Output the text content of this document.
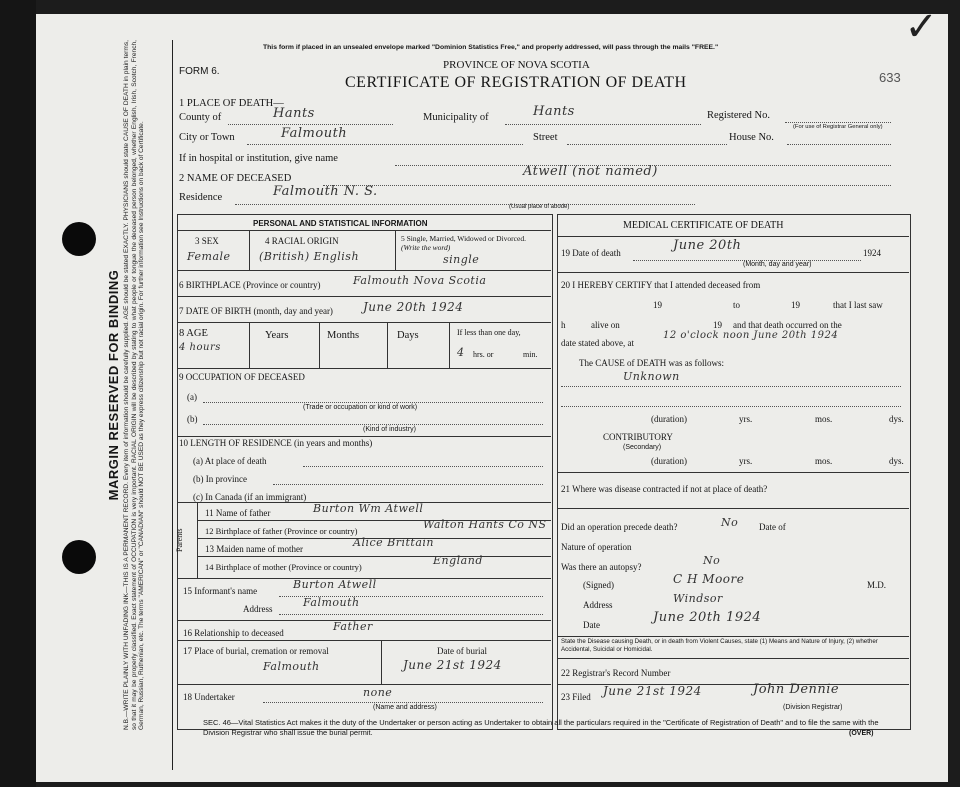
✓
MARGIN RESERVED FOR BINDING N.B.—WRITE PLAINLY WITH UNFADING INK—THIS IS A PERMANENT RECORD. Every item of information should be carefully supplied. AGE should be stated EXACTLY. PHYSICIANS should state CAUSE OF DEATH in plain terms, so that it may be properly classified. Exact statement of OCCUPATION is very important. RACIAL ORIGIN will be described by stating to what people or tongue the deceased person belonged, whether English, Irish, Scotch, French, German, Russian, Ruthenian, etc. The terms "AMERICAN" or "CANADIAN" should NOT BE USED as they express citizenship but not racial origin. For further information see Instructions on back of Certificate.
This form if placed in an unsealed envelope marked "Dominion Statistics Free," and properly addressed, will pass through the mails "FREE."
FORM 6.
PROVINCE OF NOVA SCOTIA
CERTIFICATE OF REGISTRATION OF DEATH	633
1 PLACE OF DEATH—
County of	Hants	Municipality of	Hants	Registered No.
(For use of Registrar General only)
City or Town	Falmouth	Street	House No.
If in hospital or institution, give name
2 NAME OF DECEASED	Atwell (not named)
Residence	Falmouth N. S.
(Usual place of abode)
PERSONAL AND STATISTICAL INFORMATION
3 SEX
Female
4 RACIAL ORIGIN
(British) English
5 Single, Married, Widowed or Divorced. (Write the word)
single
6 BIRTHPLACE (Province or country)	Falmouth Nova Scotia
7 DATE OF BIRTH (month, day and year)	June 20th 1924
8 AGE
4 hours
Years	Months	Days	If less than one day,
4 hrs. or	min.
9 OCCUPATION OF DECEASED
(a)
(Trade or occupation or kind of work)
(b)
(Kind of industry)
10 LENGTH OF RESIDENCE (in years and months)
(a) At place of death
(b) In province
(c) In Canada (if an immigrant)
Parents
11 Name of father	Burton Wm Atwell
12 Birthplace of father (Province or country)	Walton Hants Co NS
13 Maiden name of mother	Alice Brittain
14 Birthplace of mother (Province or country)	England
15 Informant's name	Burton Atwell
Address	Falmouth
16 Relationship to deceased	Father
17 Place of burial, cremation or removal
Falmouth
Date of burial
June 21st 1924
18 Undertaker	none
(Name and address)
MEDICAL CERTIFICATE OF DEATH
19 Date of death	June 20th	1924
(Month, day and year)
20 I HEREBY CERTIFY that I attended deceased from
19	to	19	that I last saw
h	alive on	19 and that death occurred on the
date stated above, at
12 o'clock noon June 20th 1924
The CAUSE of DEATH was as follows:
Unknown
(duration)	yrs.	mos.	dys.
CONTRIBUTORY
(Secondary)
(duration)	yrs.	mos.	dys.
21 Where was disease contracted if not at place of death?
Did an operation precede death?	No Date of
Nature of operation
Was there an autopsy?	No
(Signed)	C H Moore	M.D.
Address	Windsor
Date	June 20th 1924
State the Disease causing Death, or in death from Violent Causes, state (1) Means and Nature of Injury, (2) whether Accidental, Suicidal or Homicidal.
22 Registrar's Record Number
23 Filed June 21st 1924	John Dennie
(Division Registrar)
SEC. 46—Vital Statistics Act makes it the duty of the Undertaker or person acting as Undertaker to obtain all the particulars required in the "Certificate of Registration of Death" and to file the same with the Division Registrar who shall issue the burial permit.	(OVER)
